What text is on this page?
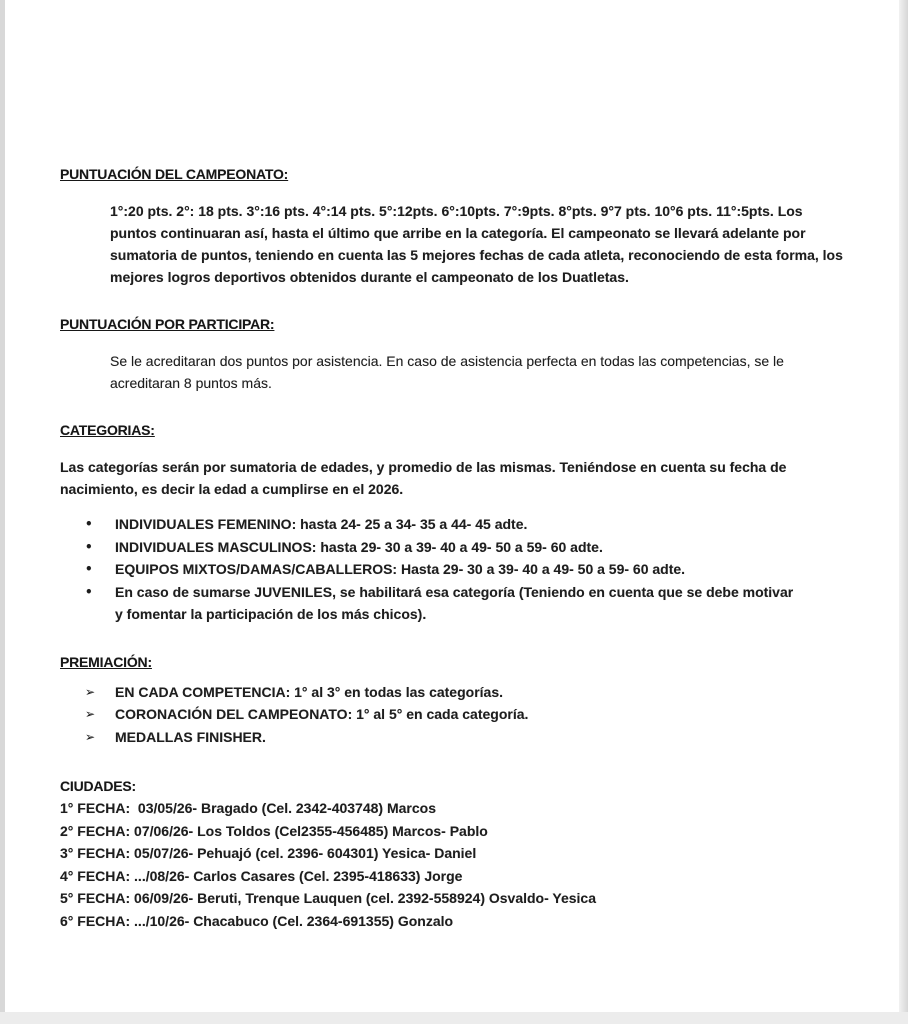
PUNTUACIÓN DEL CAMPEONATO:

1°:20 pts. 2°: 18 pts. 3°:16 pts. 4°:14 pts. 5°:12pts. 6°:10pts. 7°:9pts. 8°pts. 9°7 pts. 10°6 pts. 11°:5pts. Los puntos continuaran así, hasta el último que arribe en la categoría. El campeonato se llevará adelante por sumatoria de puntos, teniendo en cuenta las 5 mejores fechas de cada atleta, reconociendo de esta forma, los mejores logros deportivos obtenidos durante el campeonato de los Duatletas.

PUNTUACIÓN POR PARTICIPAR:

Se le acreditaran dos puntos por asistencia. En caso de asistencia perfecta en todas las competencias, se le acreditaran 8 puntos más.

CATEGORIAS:

Las categorías serán por sumatoria de edades, y promedio de las mismas. Teniéndose en cuenta su fecha de nacimiento, es decir la edad a cumplirse en el 2026.

•	INDIVIDUALES FEMENINO: hasta 24- 25 a 34- 35 a 44- 45 adte.
•	INDIVIDUALES MASCULINOS: hasta 29- 30 a 39- 40 a 49- 50 a 59- 60 adte.
•	EQUIPOS MIXTOS/DAMAS/CABALLEROS: Hasta 29- 30 a 39- 40 a 49- 50 a 59- 60 adte.
•	En caso de sumarse JUVENILES, se habilitará esa categoría (Teniendo en cuenta que se debe motivar y fomentar la participación de los más chicos).
PREMIACIÓN:
➢	EN CADA COMPETENCIA: 1° al 3° en todas las categorías.
➢	CORONACIÓN DEL CAMPEONATO: 1° al 5° en cada categoría.
➢	MEDALLAS FINISHER.
CIUDADES:

1° FECHA:  03/05/26- Bragado (Cel. 2342-403748) Marcos

2° FECHA: 07/06/26- Los Toldos (Cel2355-456485) Marcos- Pablo

3° FECHA: 05/07/26- Pehuajó (cel. 2396- 604301) Yesica- Daniel

4° FECHA: .../08/26- Carlos Casares (Cel. 2395-418633) Jorge

5° FECHA: 06/09/26- Beruti, Trenque Lauquen (cel. 2392-558924) Osvaldo- Yesica

6° FECHA: .../10/26- Chacabuco (Cel. 2364-691355) Gonzalo
